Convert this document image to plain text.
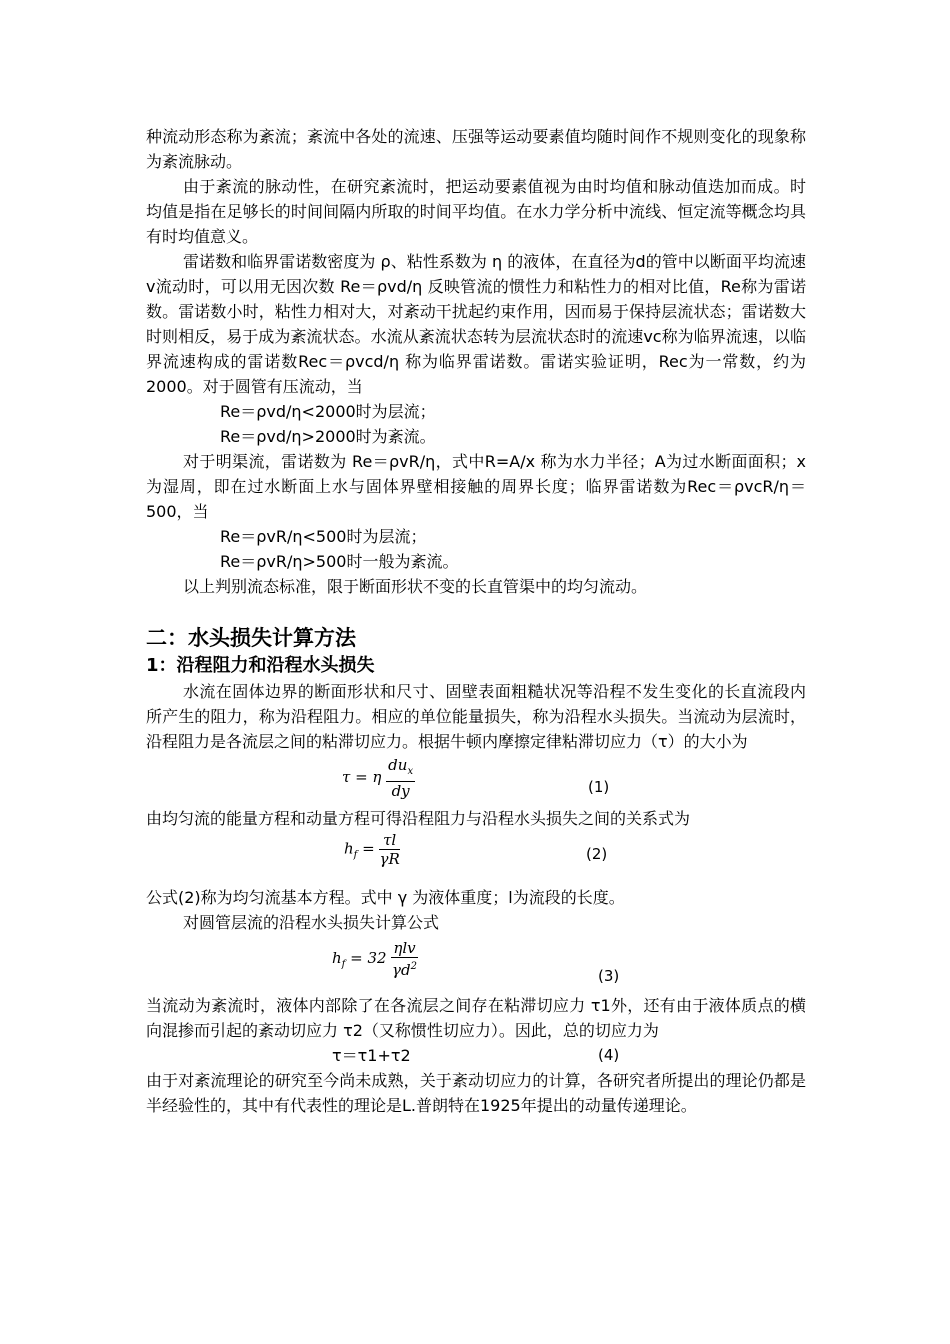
种流动形态称为紊流；紊流中各处的流速、压强等运动要素值均随时间作不规则变化的现象称为紊流脉动。

由于紊流的脉动性，在研究紊流时，把运动要素值视为由时均值和脉动值迭加而成。时均值是指在足够长的时间间隔内所取的时间平均值。在水力学分析中流线、恒定流等概念均具有时均值意义。

雷诺数和临界雷诺数密度为 ρ、粘性系数为 η 的液体，在直径为d的管中以断面平均流速v流动时，可以用无因次数 Re＝ρvd/η 反映管流的惯性力和粘性力的相对比值，Re称为雷诺数。雷诺数小时，粘性力相对大，对紊动干扰起约束作用，因而易于保持层流状态；雷诺数大时则相反，易于成为紊流状态。水流从紊流状态转为层流状态时的流速vc称为临界流速，以临界流速构成的雷诺数Rec＝ρvcd/η 称为临界雷诺数。雷诺实验证明，Rec为一常数，约为2000。对于圆管有压流动，当

Re＝ρvd/η<2000时为层流；

Re＝ρvd/η>2000时为紊流。

对于明渠流，雷诺数为 Re＝ρvR/η，式中R=A/x 称为水力半径；A为过水断面面积；x为湿周，即在过水断面上水与固体界壁相接触的周界长度；临界雷诺数为Rec＝ρvcR/η＝500，当

Re＝ρvR/η<500时为层流；

Re＝ρvR/η>500时一般为紊流。

以上判别流态标准，限于断面形状不变的长直管渠中的均匀流动。

二：水头损失计算方法
1：沿程阻力和沿程水头损失

水流在固体边界的断面形状和尺寸、固壁表面粗糙状况等沿程不发生变化的长直流段内所产生的阻力，称为沿程阻力。相应的单位能量损失，称为沿程水头损失。当流动为层流时，沿程阻力是各流层之间的粘滞切应力。根据牛顿内摩擦定律粘滞切应力（τ）的大小为

τ = η $\frac{du_x}{dy}$	(1)

由均匀流的能量方程和动量方程可得沿程阻力与沿程水头损失之间的关系式为

$h_f = \frac{\tau l}{\gamma R}$	(2)

公式(2)称为均匀流基本方程。式中 γ 为液体重度；l为流段的长度。

对圆管层流的沿程水头损失计算公式

$h_f = 32 \frac{\text{ηlv}}{\gamma d^2}$	(3)

当流动为紊流时，液体内部除了在各流层之间存在粘滞切应力 τ1外，还有由于液体质点的横向混掺而引起的紊动切应力 τ2（又称惯性切应力）。因此，总的切应力为

τ＝τ1+τ2	(4)

由于对紊流理论的研究至今尚未成熟，关于紊动切应力的计算，各研究者所提出的理论仍都是半经验性的，其中有代表性的理论是L.普朗特在1925年提出的动量传递理论。
